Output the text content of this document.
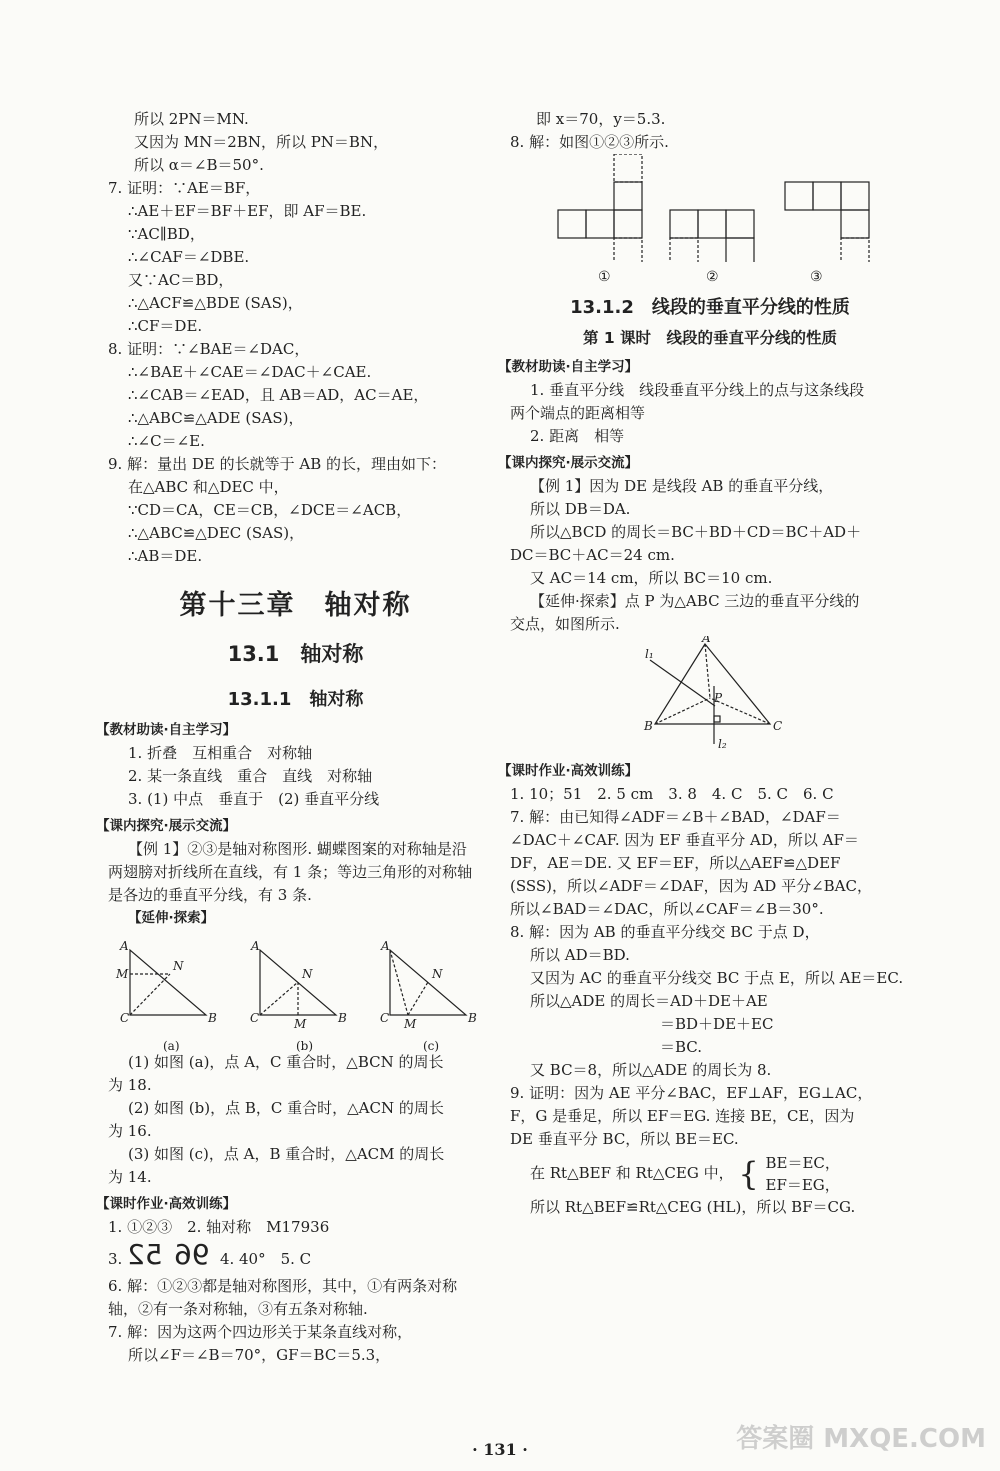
所以 2PN＝MN.
又因为 MN＝2BN，所以 PN＝BN，
所以 α＝∠B＝50°.
7. 证明：∵AE＝BF，
∴AE＋EF＝BF＋EF，即 AF＝BE.
∵AC∥BD，
∴∠CAF＝∠DBE.
又∵AC＝BD，
∴△ACF≌△BDE (SAS)，
∴CF＝DE.
8. 证明：∵∠BAE＝∠DAC，
∴∠BAE＋∠CAE＝∠DAC＋∠CAE.
∴∠CAB＝∠EAD，且 AB＝AD，AC＝AE，
∴△ABC≌△ADE (SAS)，
∴∠C＝∠E.
9. 解：量出 DE 的长就等于 AB 的长，理由如下：
在△ABC 和△DEC 中，
∵CD＝CA，CE＝CB，∠DCE＝∠ACB，
∴△ABC≌△DEC (SAS)，
∴AB＝DE.
第十三章　轴对称
13.1　轴对称
13.1.1　轴对称
【教材助读·自主学习】
1. 折叠　互相重合　对称轴
2. 某一条直线　重合　直线　对称轴
3. (1) 中点　垂直于　(2) 垂直平分线
【课内探究·展示交流】
【例 1】②③是轴对称图形. 蝴蝶图案的对称轴是沿
两翅膀对折线所在直线，有 1 条；等边三角形的对称轴
是各边的垂直平分线，有 3 条.
【延伸·探索】
A
M
N
C	B
A
N
M
C	B
A
N
M
C	B
(a)	(b)	(c)
(1) 如图 (a)，点 A，C 重合时，△BCN 的周长
为 18.
(2) 如图 (b)，点 B，C 重合时，△ACN 的周长
为 16.
(3) 如图 (c)，点 A，B 重合时，△ACM 的周长
为 14.
【课时作业·高效训练】
1. ①②③　2. 轴对称　M17936
3. 52 96 4. 40°　5. C
6. 解：①②③都是轴对称图形，其中，①有两条对称
轴，②有一条对称轴，③有五条对称轴.
7. 解：因为这两个四边形关于某条直线对称，
所以∠F＝∠B＝70°，GF＝BC＝5.3，
即 x＝70，y＝5.3.
8. 解：如图①②③所示.
①	②	③
13.1.2　线段的垂直平分线的性质
第 1 课时　线段的垂直平分线的性质
【教材助读·自主学习】
1. 垂直平分线　线段垂直平分线上的点与这条线段
两个端点的距离相等
2. 距离　相等
【课内探究·展示交流】
【例 1】因为 DE 是线段 AB 的垂直平分线，
所以 DB＝DA.
所以△BCD 的周长＝BC＋BD＋CD＝BC＋AD＋
DC＝BC＋AC＝24 cm.
又 AC＝14 cm，所以 BC＝10 cm.
【延伸·探索】点 P 为△ABC 三边的垂直平分线的
交点，如图所示.
A
B	C
P
l₁
l₂
【课时作业·高效训练】
1. 10；51　2. 5 cm　3. 8　4. C　5. C　6. C
7. 解：由已知得∠ADF＝∠B＋∠BAD，∠DAF＝
∠DAC＋∠CAF. 因为 EF 垂直平分 AD，所以 AF＝
DF，AE＝DE. 又 EF＝EF，所以△AEF≌△DEF
(SSS)，所以∠ADF＝∠DAF，因为 AD 平分∠BAC，
所以∠BAD＝∠DAC，所以∠CAF＝∠B＝30°.
8. 解：因为 AB 的垂直平分线交 BC 于点 D，
所以 AD＝BD.
又因为 AC 的垂直平分线交 BC 于点 E，所以 AE＝EC.
所以△ADE 的周长＝AD＋DE＋AE
＝BD＋DE＋EC
＝BC.
又 BC＝8，所以△ADE 的周长为 8.
9. 证明：因为 AE 平分∠BAC，EF⊥AF，EG⊥AC，
F，G 是垂足，所以 EF＝EG. 连接 BE，CE，因为
DE 垂直平分 BC，所以 BE＝EC.
在 Rt△BEF 和 Rt△CEG 中， { BE＝EC，
EF＝EG，
所以 Rt△BEF≌Rt△CEG (HL)，所以 BF＝CG.
· 131 ·	答案圈 MXQE.COM
